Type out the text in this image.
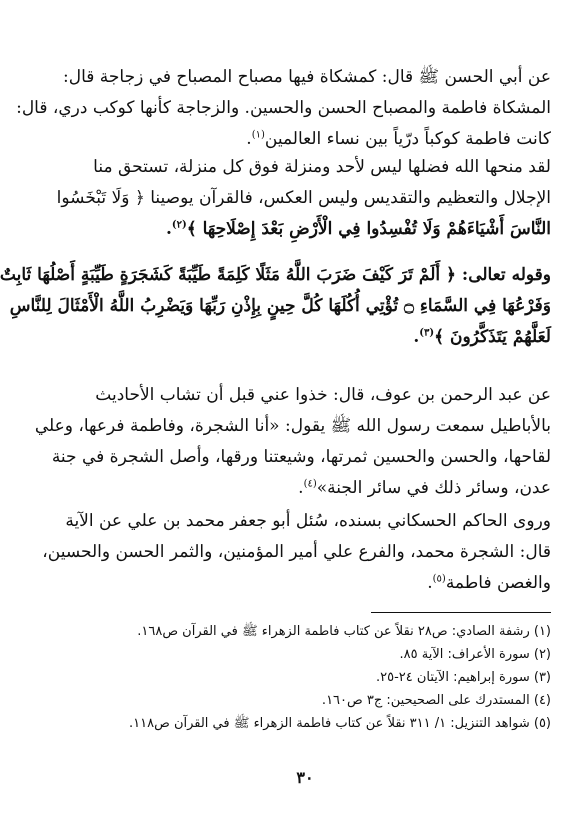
عن أبي الحسن ﷺ قال: كمشكاة فيها مصباح المصباح في زجاجة قال:
المشكاة فاطمة والمصباح الحسن والحسين. والزجاجة كأنها كوكب دري، قال:
كانت فاطمة كوكباً درّياً بين نساء العالمين$^{(١)}$.
لقد منحها الله فضلها ليس لأحد ومنزلة فوق كل منزلة، تستحق منا
الإجلال والتعظيم والتقديس وليس العكس، فالقرآن يوصينا ﴿ وَلَا تَبْخَسُوا
النَّاسَ أَشْيَاءَهُمْ وَلَا تُفْسِدُوا فِي الْأَرْضِ بَعْدَ إِصْلَاحِهَا ﴾$^{(٢)}$.
وقوله تعالى: ﴿ أَلَمْ تَرَ كَيْفَ ضَرَبَ اللَّهُ مَثَلًا كَلِمَةً طَيِّبَةً كَشَجَرَةٍ طَيِّبَةٍ أَصْلُهَا ثَابِتٌ
وَفَرْعُهَا فِي السَّمَاءِ ۝ تُؤْتِي أُكُلَهَا كُلَّ حِينٍ بِإِذْنِ رَبِّهَا وَيَضْرِبُ اللَّهُ الْأَمْثَالَ لِلنَّاسِ
لَعَلَّهُمْ يَتَذَكَّرُونَ ﴾$^{(٣)}$.
عن عبد الرحمن بن عوف، قال: خذوا عني قبل أن تشاب الأحاديث
بالأباطيل سمعت رسول الله ﷺ يقول: «أنا الشجرة، وفاطمة فرعها، وعلي
لقاحها، والحسن والحسين ثمرتها، وشيعتنا ورقها، وأصل الشجرة في جنة
عدن، وسائر ذلك في سائر الجنة»$^{(٤)}$.
وروى الحاكم الحسكاني بسنده، سُئل أبو جعفر محمد بن علي عن الآية
قال: الشجرة محمد، والفرع علي أمير المؤمنين، والثمر الحسن والحسين،
والغصن فاطمة$^{(٥)}$.
(١) رشفة الصادي: ص٢٨ نقلاً عن كتاب فاطمة الزهراء ﷺ في القرآن ص١٦٨.
(٢) سورة الأعراف: الآية ٨٥.
(٣) سورة إبراهيم: الآيتان ٢٤-٢٥.
(٤) المستدرك على الصحيحين: ج٣ ص١٦٠.
(٥) شواهد التنزيل: ١/ ٣١١ نقلاً عن كتاب فاطمة الزهراء ﷺ في القرآن ص١١٨.
٣٠
